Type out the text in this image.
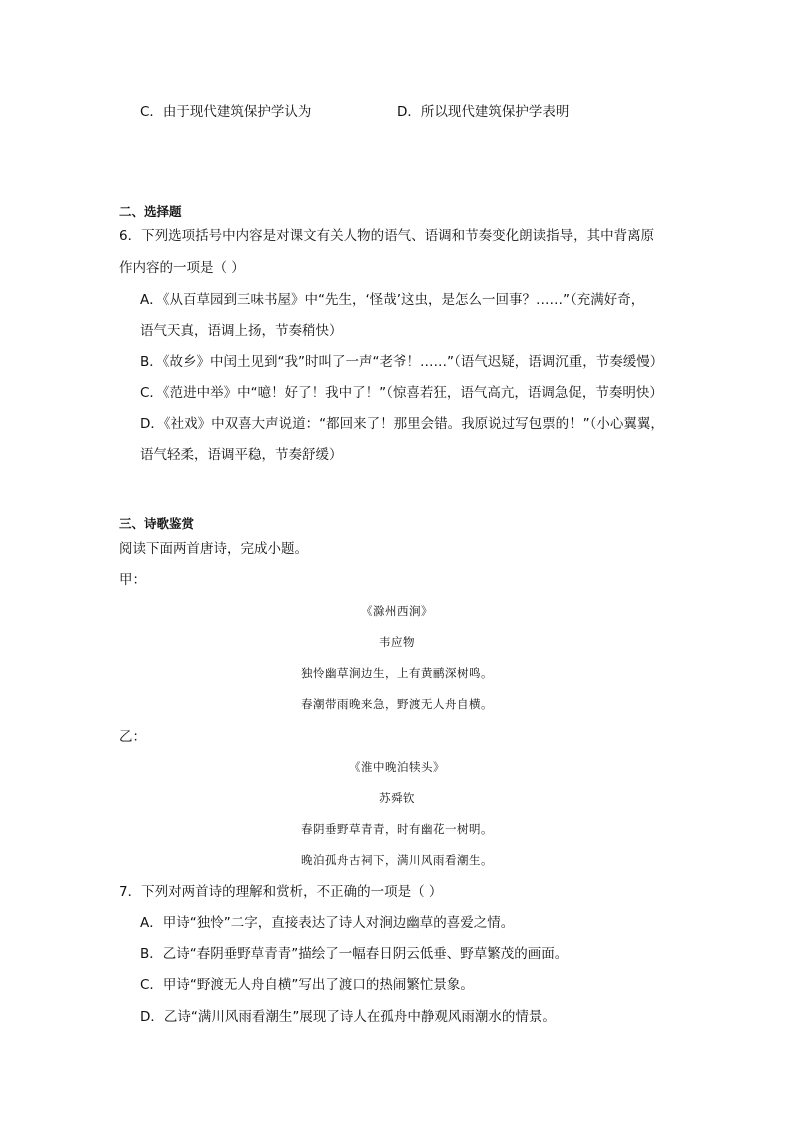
C．由于现代建筑保护学认为	D．所以现代建筑保护学表明
二、选择题
6．下列选项括号中内容是对课文有关人物的语气、语调和节奏变化朗读指导，其中背离原
作内容的一项是（ ）
A．《从百草园到三味书屋》中“先生，‘怪哉’这虫，是怎么一回事？……”（充满好奇，
语气天真，语调上扬，节奏稍快）
B．《故乡》中闰土见到“我”时叫了一声“老爷！……”（语气迟疑，语调沉重，节奏缓慢）
C．《范进中举》中“噫！好了！我中了！”（惊喜若狂，语气高亢，语调急促，节奏明快）
D．《社戏》中双喜大声说道：“都回来了！那里会错。我原说过写包票的！”（小心翼翼，
语气轻柔，语调平稳，节奏舒缓）
三、诗歌鉴赏
阅读下面两首唐诗，完成小题。
甲：
《滁州西涧》
韦应物
独怜幽草涧边生，上有黄鹂深树鸣。
春潮带雨晚来急，野渡无人舟自横。
乙：
《淮中晚泊犊头》
苏舜钦
春阴垂野草青青，时有幽花一树明。
晚泊孤舟古祠下，满川风雨看潮生。
7．下列对两首诗的理解和赏析，不正确的一项是（ ）
A．甲诗“独怜”二字，直接表达了诗人对涧边幽草的喜爱之情。
B．乙诗“春阴垂野草青青”描绘了一幅春日阴云低垂、野草繁茂的画面。
C．甲诗“野渡无人舟自横”写出了渡口的热闹繁忙景象。
D．乙诗“满川风雨看潮生”展现了诗人在孤舟中静观风雨潮水的情景。
